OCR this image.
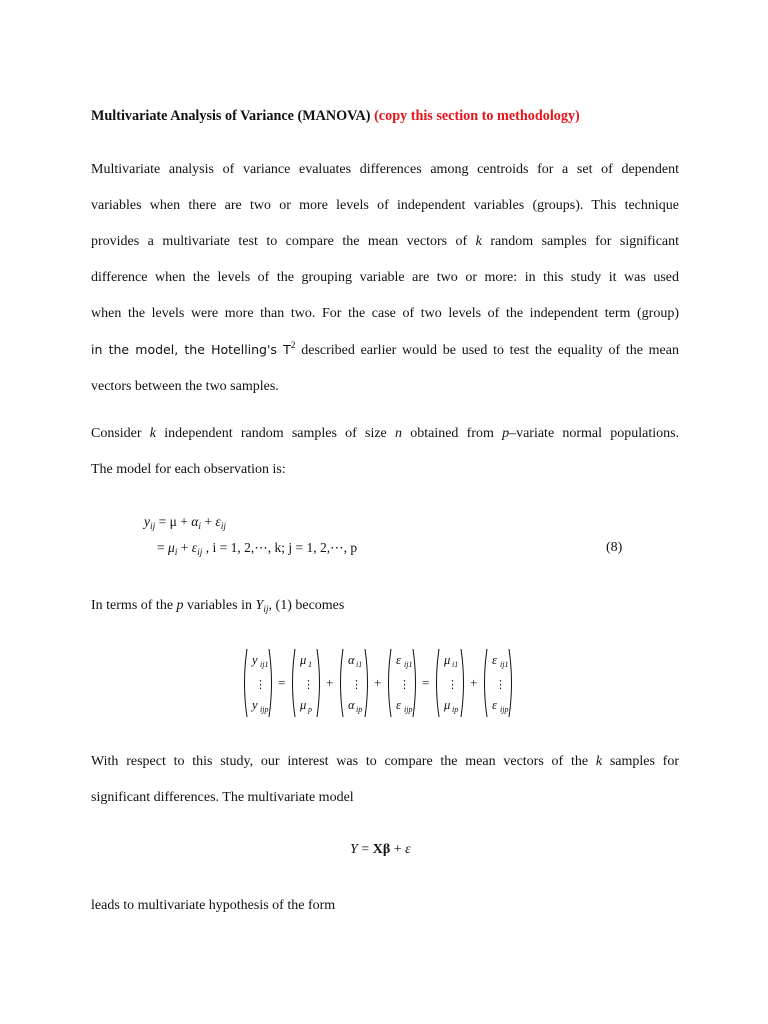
Multivariate Analysis of Variance (MANOVA) (copy this section to methodology)
Multivariate analysis of variance evaluates differences among centroids for a set of dependent
variables when there are two or more levels of independent variables (groups). This technique
provides a multivariate test to compare the mean vectors of k random samples for significant
difference when the levels of the grouping variable are two or more: in this study it was used
when the levels were more than two. For the case of two levels of the independent term (group)
in the model, the Hotelling's $T^2$ described earlier would be used to test the equality of the mean
vectors between the two samples.
Consider k independent random samples of size n obtained from p–variate normal populations.
The model for each observation is:
$y_{ij} = \mu + \alpha_i + \varepsilon_{ij}$
= $\mu_i + \varepsilon_{ij}$ , i = 1, 2,⋯, k; j = 1, 2,⋯, p	(8)
In terms of the p variables in $Y_{ij}$, (1) becomes
y ij1
⋮
y ijp
=
μ 1
⋮
μ p
+
α i1
⋮
α ip
+
ε ij1
⋮
ε ijp
=
μ i1
⋮
μ ip
+
ε ij1
⋮
ε ijp
With respect to this study, our interest was to compare the mean vectors of the k samples for
significant differences. The multivariate model
Y = Xβ + ε
leads to multivariate hypothesis of the form
